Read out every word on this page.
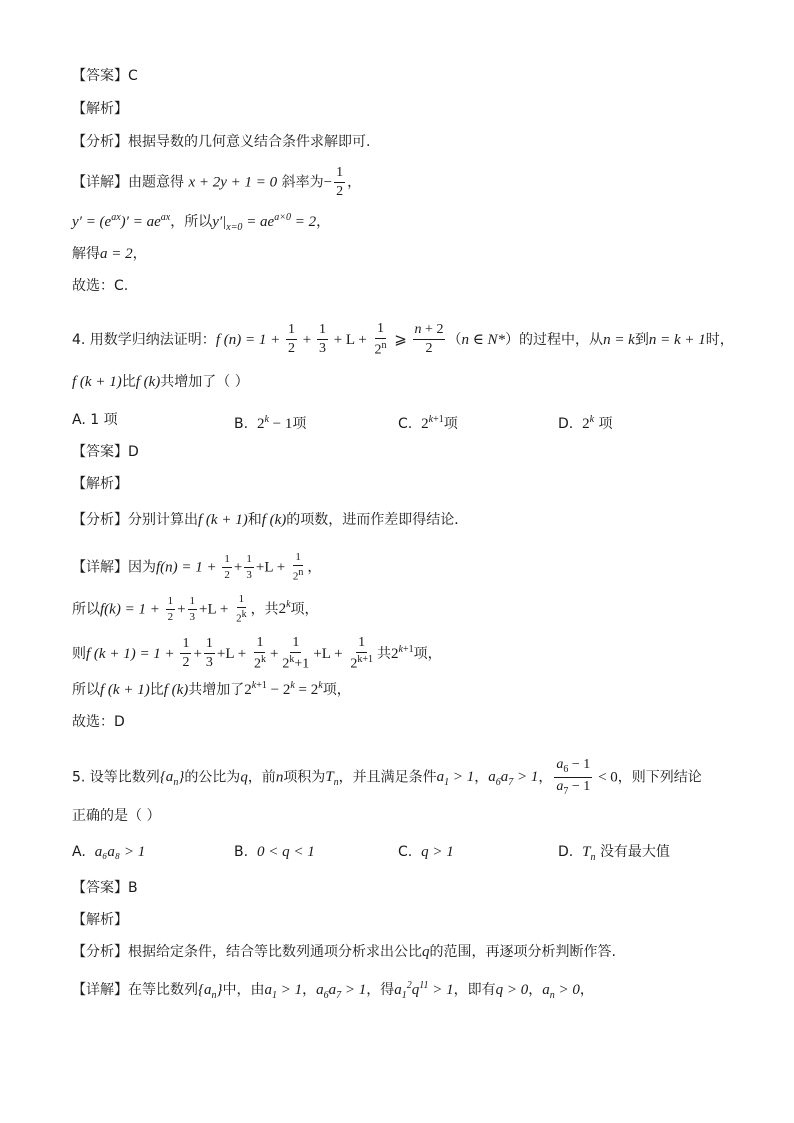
【答案】C
【解析】
【分析】根据导数的几何意义结合条件求解即可.
【详解】由题意得 x + 2y + 1 = 0 斜率为− $\frac{1}{2}$ ，
$y' = (e^{ax})' = ae^{ax}$，所以$y'|_{x=0} = ae^{a\times 0} = 2$，
解得a = 2，
故选：C.
4. 用数学归纳法证明：f $(n) = 1 + \frac{1}{2} + \frac{1}{3} + L + \frac{1}{2^n}$ ⩾ $\frac{n + 2}{2} (n$ ∈ N*）的过程中，从n = k到n = k + 1时，
f (k + 1)比f (k)共增加了（ ）
A. 1 项	B. $2^k - 1$项	C. $2^{k+1}$项	D. 2$^k$ 项
【答案】D
【解析】
【分析】分别计算出f (k + 1)和f (k)的项数，进而作差即得结论．
【详解】因为$f(n) = 1 + \frac{1}{2} + \frac{1}{3} +L + \frac{1}{2^n}$ ，
所以$f(k) = 1 + \frac{1}{2} + \frac{1}{3} +L + \frac{1}{2^k}$ ，共2$^k$项，
则f $(k + 1) = 1 + \frac{1}{2} + \frac{1}{3} +L + \frac{1}{2^k} + \frac{1}{2^k+1} +L + \frac{1}{2^{k+1}}$ 共$2^{k+1}$项，
所以f (k + 1)比f (k)共增加了$2^{k+1} - 2^k = 2^k$项，
故选：D
5. 设等比数列$\{a_n\}$的公比为q，前n项积为$T_n$，并且满足条件$a_1 > 1$，$a_6a_7 > 1$， $\frac{a_6 - 1}{a_7 - 1} < 0$，则下列结论
正确的是（ ）
A. a₆a₈ > 1	B. 0 < q < 1	C. q > 1	D. $T_n$ 没有最大值
【答案】B
【解析】
【分析】根据给定条件，结合等比数列通项分析求出公比q的范围，再逐项分析判断作答.
【详解】在等比数列$\{a_n\}$中，由$a_1 > 1$，$a_6a_7 > 1$，得$a_1^2q^{11} > 1$，即有q > 0，$a_n > 0$，
